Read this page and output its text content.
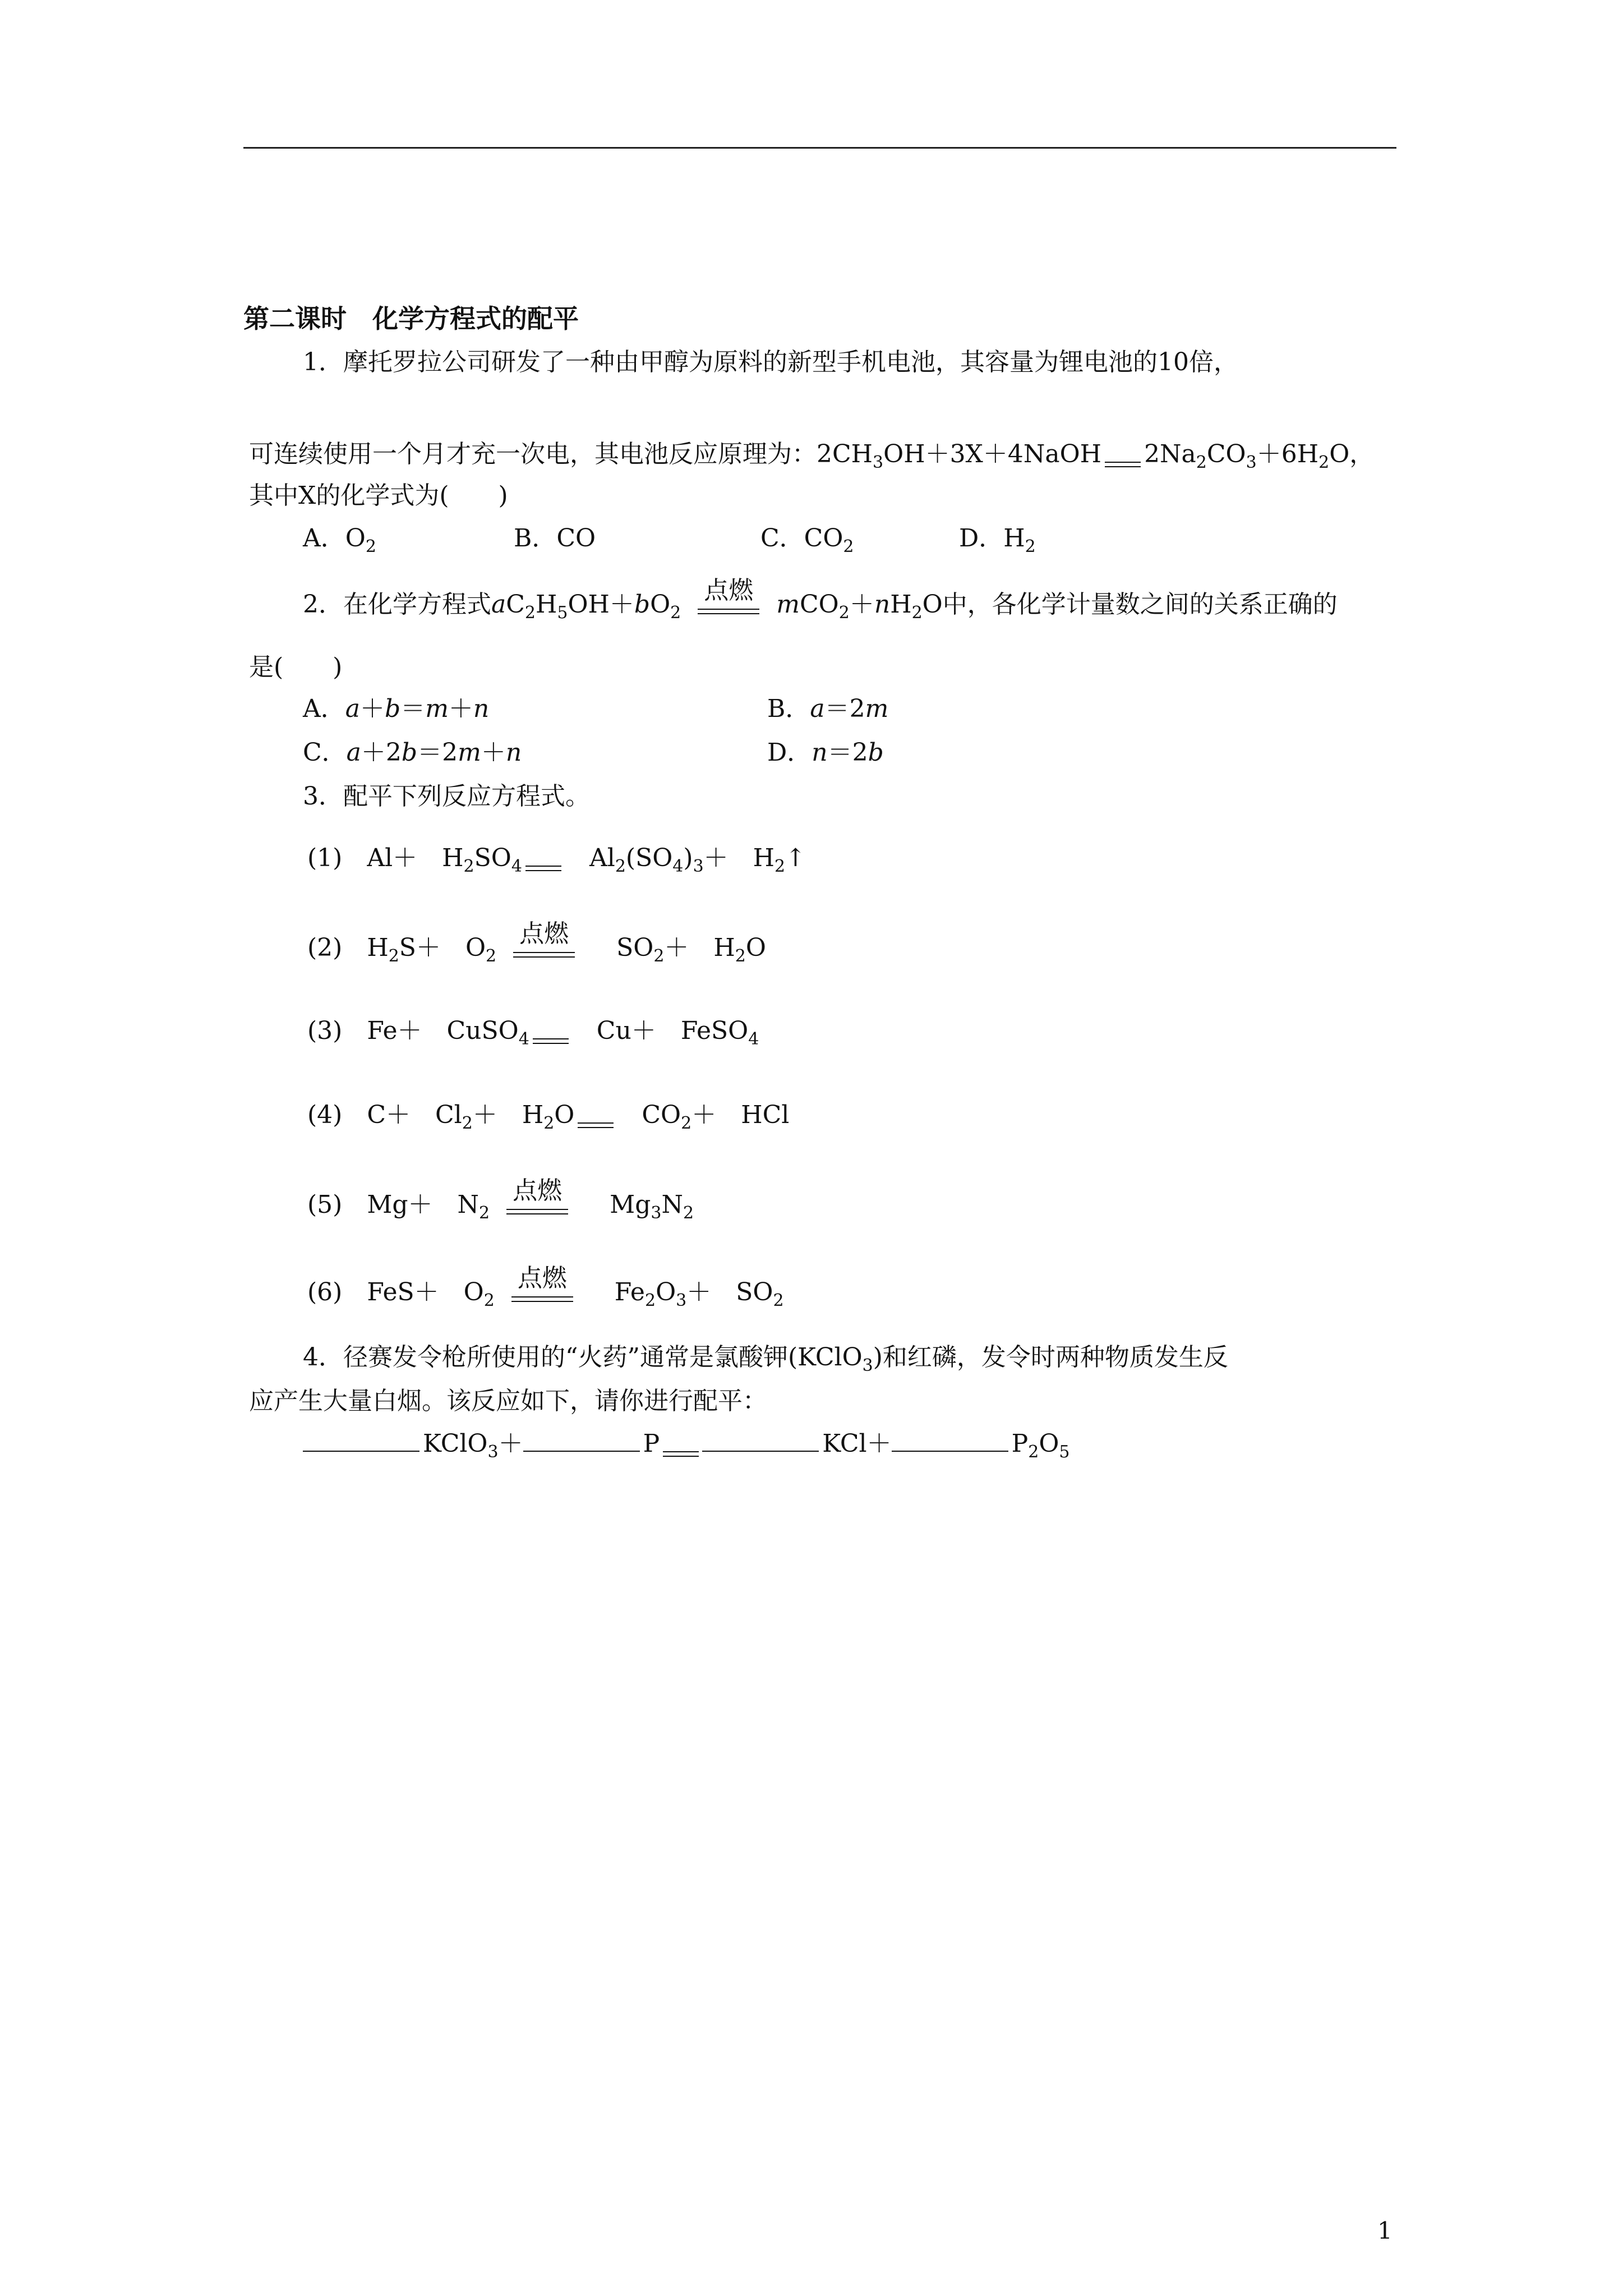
第二课时　化学方程式的配平
1．摩托罗拉公司研发了一种由甲醇为原料的新型手机电池，其容量为锂电池的10倍，
可连续使用一个月才充一次电，其电池反应原理为：$2CH_3OH+3X+4NaOH$ $2Na_2CO_3+6H_2O$，
其中X的化学式为(　　)
A．$O_2$	B．CO	C．$CO_2$	D．$H_2$
2．在化学方程式$aC_2H_5OH+bO_2$
点燃 $mCO_2+nH_2O$中，各化学计量数之间的关系正确的
是(　　)
A．a＋b＝m＋n	B．a＝2m
C．a＋2b＝2m＋n	D．n＝2b
3．配平下列反应方程式。
(1)　Al＋　$H_2SO_4$
　$Al_2(SO_4)_3+$　$H_2↑$
(2)　$H_2S+$　$O_2$
点燃 　$SO_2+$　$H_2O$
(3)　Fe＋　CuSO$_4$
　Cu＋　FeSO$_4$
(4)　C＋　$Cl_2+$　$H_2O$
　$CO_2+$　HCl
(5)　Mg＋　$N_2$
点燃 　$Mg_3N_2$
(6)　FeS＋　$O_2$
点燃 　$Fe_2O_3+$　$SO_2$
4．径赛发令枪所使用的“火药”通常是氯酸钾(KClO$_3$)和红磷，发令时两种物质发生反
应产生大量白烟。该反应如下，请你进行配平：
KClO$_3$＋	P	KCl＋	$P_2O_5$
1
